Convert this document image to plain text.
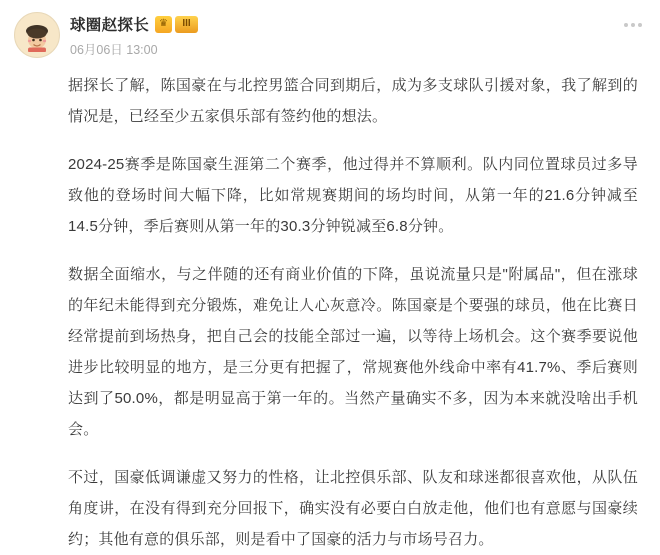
球圈赵探长	♛	III
06月06日 13:00

据探长了解，陈国豪在与北控男篮合同到期后，成为多支球队引援对象，我了解到的情况是，已经至少五家俱乐部有签约他的想法。

2024-25赛季是陈国豪生涯第二个赛季，他过得并不算顺利。队内同位置球员过多导致他的登场时间大幅下降，比如常规赛期间的场均时间，从第一年的21.6分钟减至14.5分钟，季后赛则从第一年的30.3分钟锐减至6.8分钟。

数据全面缩水，与之伴随的还有商业价值的下降，虽说流量只是"附属品"，但在涨球的年纪未能得到充分锻炼，难免让人心灰意冷。陈国豪是个要强的球员，他在比赛日经常提前到场热身，把自己会的技能全部过一遍，以等待上场机会。这个赛季要说他进步比较明显的地方，是三分更有把握了，常规赛他外线命中率有41.7%、季后赛则达到了50.0%，都是明显高于第一年的。当然产量确实不多，因为本来就没啥出手机会。

不过，国豪低调谦虚又努力的性格，让北控俱乐部、队友和球迷都很喜欢他，从队伍角度讲，在没有得到充分回报下，确实没有必要白白放走他，他们也有意愿与国豪续约；其他有意的俱乐部，则是看中了国豪的活力与市场号召力。
